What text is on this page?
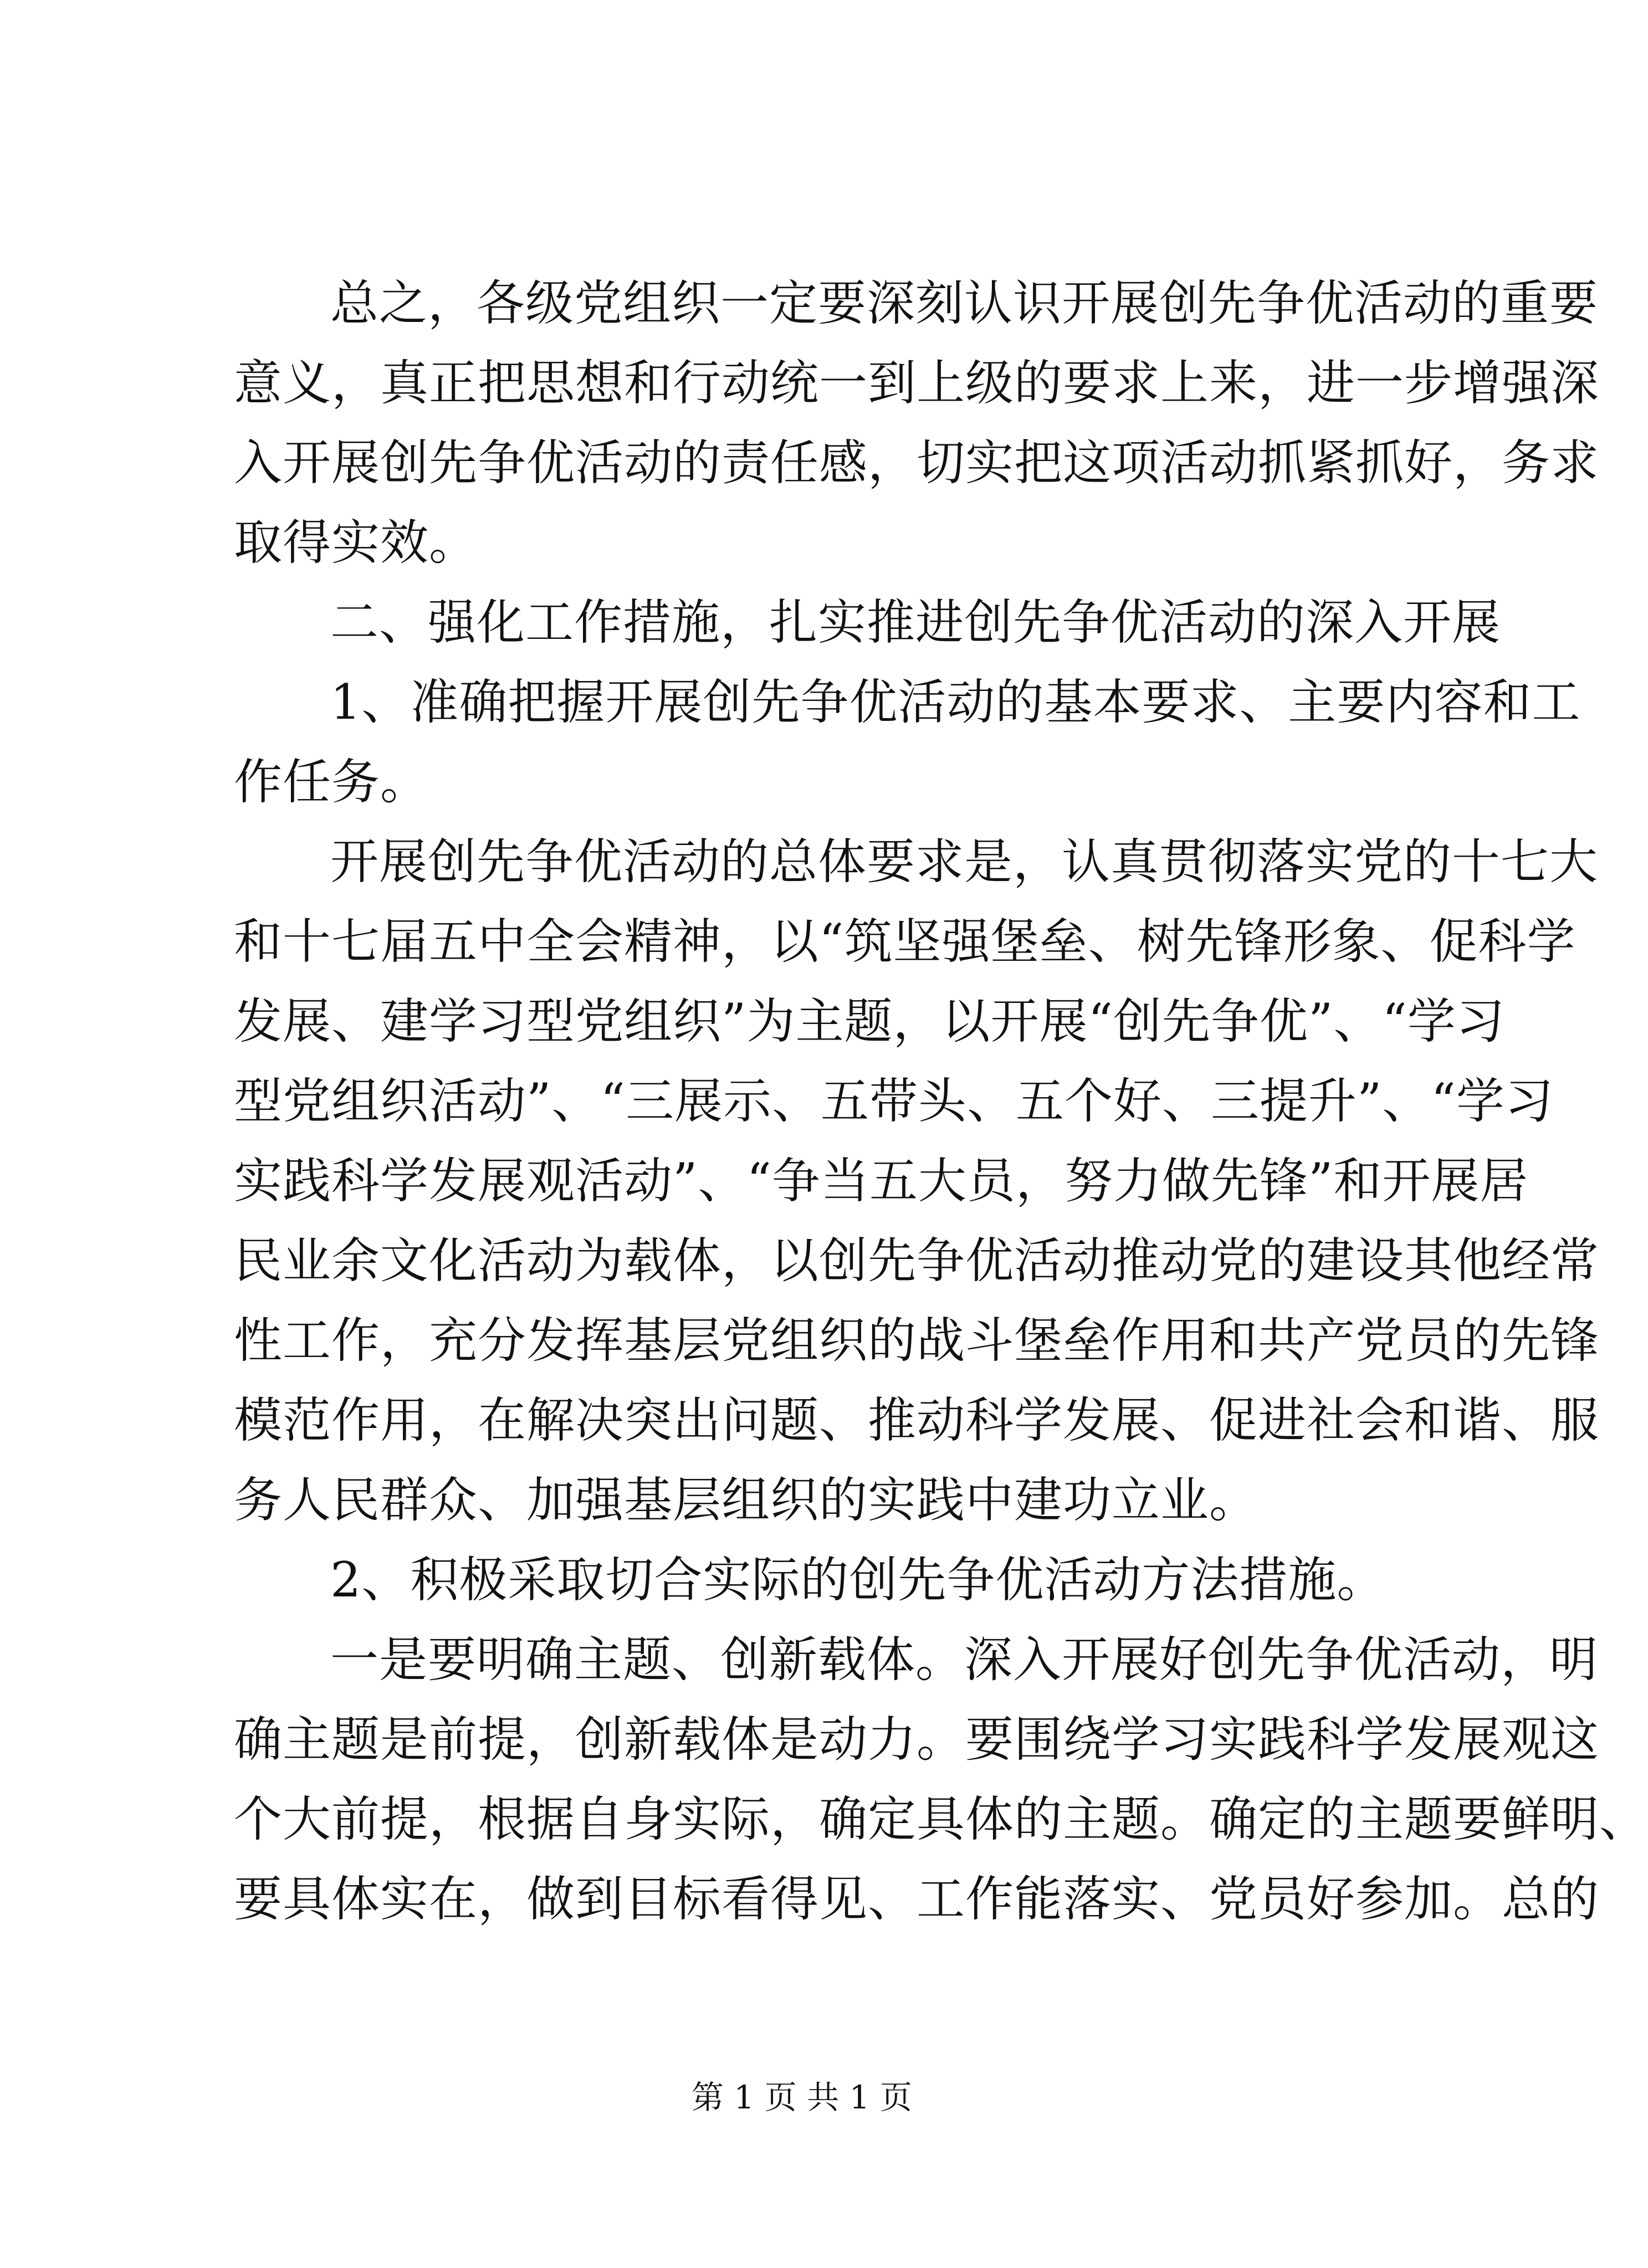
总之，各级党组织一定要深刻认识开展创先争优活动的重要
意义，真正把思想和行动统一到上级的要求上来，进一步增强深
入开展创先争优活动的责任感，切实把这项活动抓紧抓好，务求
取得实效。
二、强化工作措施，扎实推进创先争优活动的深入开展
1、准确把握开展创先争优活动的基本要求、主要内容和工
作任务。
开展创先争优活动的总体要求是，认真贯彻落实党的十七大
和十七届五中全会精神，以“筑坚强堡垒、树先锋形象、促科学
发展、建学习型党组织”为主题，以开展“创先争优”、“学习
型党组织活动”、“三展示、五带头、五个好、三提升”、“学习
实践科学发展观活动”、“争当五大员，努力做先锋”和开展居
民业余文化活动为载体，以创先争优活动推动党的建设其他经常
性工作，充分发挥基层党组织的战斗堡垒作用和共产党员的先锋
模范作用，在解决突出问题、推动科学发展、促进社会和谐、服
务人民群众、加强基层组织的实践中建功立业。
2、积极采取切合实际的创先争优活动方法措施。
一是要明确主题、创新载体。深入开展好创先争优活动，明
确主题是前提，创新载体是动力。要围绕学习实践科学发展观这
个大前提，根据自身实际，确定具体的主题。确定的主题要鲜明、
要具体实在，做到目标看得见、工作能落实、党员好参加。总的
第 1 页 共 1 页
